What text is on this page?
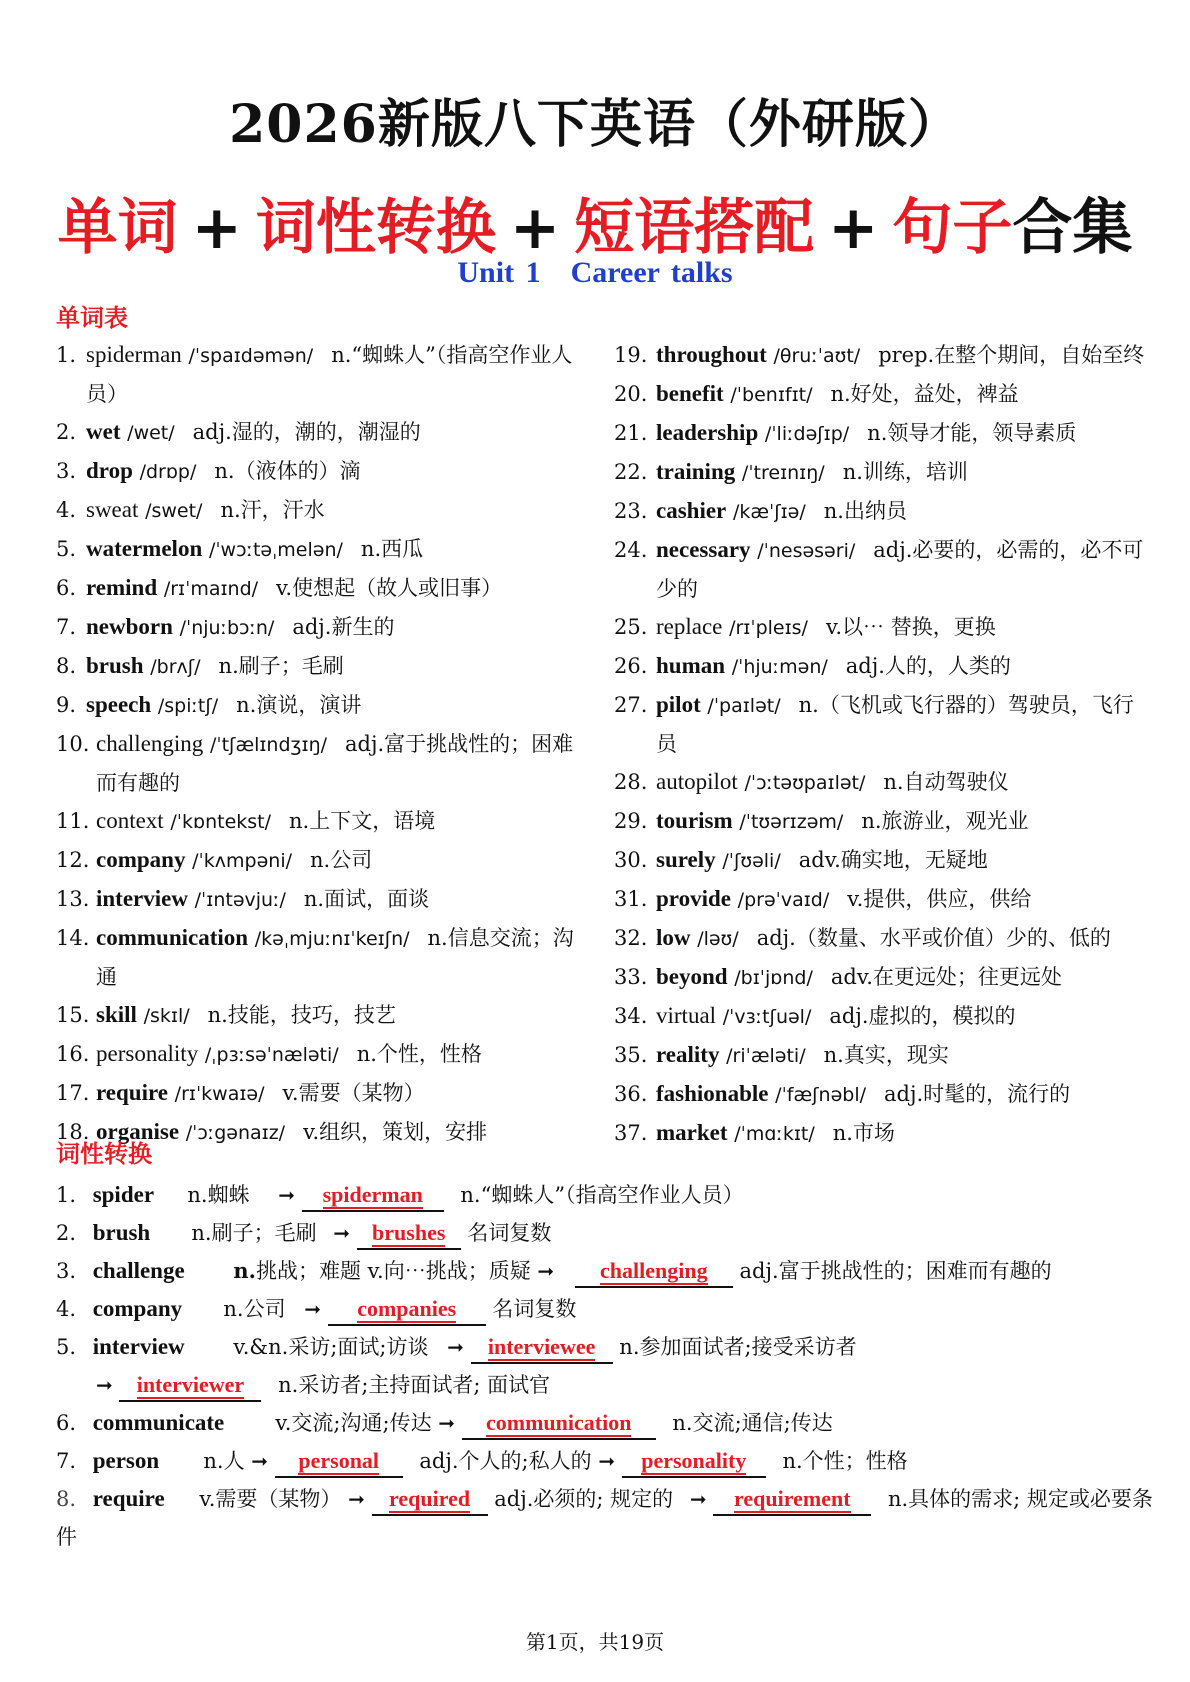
2026新版八下英语（外研版）
单词 + 词性转换 + 短语搭配 + 句子合集
Unit 1 Career talks
单词表
1. spiderman /ˈspaɪdəmən/ n.“蜘蛛人”（指高空作业人员）
2. wet /wet/ adj.湿的，潮的，潮湿的
3. drop /drɒp/ n.（液体的）滴
4. sweat /swet/ n.汗，汗水
5. watermelon /ˈwɔːtəˌmelən/ n.西瓜
6. remind /rɪˈmaɪnd/ v.使想起（故人或旧事）
7. newborn /ˈnjuːbɔːn/ adj.新生的
8. brush /brʌʃ/ n.刷子；毛刷
9. speech /spiːtʃ/ n.演说，演讲
10. challenging /ˈtʃælɪndʒɪŋ/ adj.富于挑战性的；困难而有趣的
11. context /ˈkɒntekst/ n.上下文，语境
12. company /ˈkʌmpəni/ n.公司
13. interview /ˈɪntəvjuː/ n.面试，面谈
14. communication /kəˌmjuːnɪˈkeɪʃn/ n.信息交流；沟通
15. skill /skɪl/ n.技能，技巧，技艺
16. personality /ˌpɜːsəˈnæləti/ n.个性，性格
17. require /rɪˈkwaɪə/ v.需要（某物）
18. organise /ˈɔːgənaɪz/ v.组织，策划，安排
19. throughout /θruːˈaʊt/ prep.在整个期间，自始至终
20. benefit /ˈbenɪfɪt/ n.好处，益处，裨益
21. leadership /ˈliːdəʃɪp/ n.领导才能，领导素质
22. training /ˈtreɪnɪŋ/ n.训练，培训
23. cashier /kæˈʃɪə/ n.出纳员
24. necessary /ˈnesəsəri/ adj.必要的，必需的，必不可少的
25. replace /rɪˈpleɪs/ v.以⋯ 替换，更换
26. human /ˈhjuːmən/ adj.人的，人类的
27. pilot /ˈpaɪlət/ n.（飞机或飞行器的）驾驶员，飞行员
28. autopilot /ˈɔːtəʊpaɪlət/ n.自动驾驶仪
29. tourism /ˈtʊərɪzəm/ n.旅游业，观光业
30. surely /ˈʃʊəli/ adv.确实地，无疑地
31. provide /prəˈvaɪd/ v.提供，供应，供给
32. low /ləʊ/ adj.（数量、水平或价值）少的、低的
33. beyond /bɪˈjɒnd/ adv.在更远处；往更远处
34. virtual /ˈvɜːtʃuəl/ adj.虚拟的，模拟的
35. reality /riˈæləti/ n.真实，现实
36. fashionable /ˈfæʃnəbl/ adj.时髦的，流行的
37. market /ˈmɑːkɪt/ n.市场
词性转换
1. spider n.蜘蛛 ➞ spiderman n.“蜘蛛人”（指高空作业人员）
2. brush n.刷子；毛刷 ➞ brushes 名词复数
3. challenge n.挑战；难题 v.向⋯挑战；质疑 ➞ challenging adj.富于挑战性的；困难而有趣的
4. company n.公司 ➞ companies 名词复数
5. interview v.&n.采访;面试;访谈 ➞ interviewee n.参加面试者;接受采访者
➞ interviewer n.采访者;主持面试者; 面试官
6. communicate v.交流;沟通;传达 ➞ communication n.交流;通信;传达
7. person n.人 ➞ personal adj.个人的;私人的 ➞ personality n.个性；性格
8. require v.需要（某物） ➞ required adj.必须的; 规定的 ➞ requirement n.具体的需求; 规定或必要条件
第1页，共19页
